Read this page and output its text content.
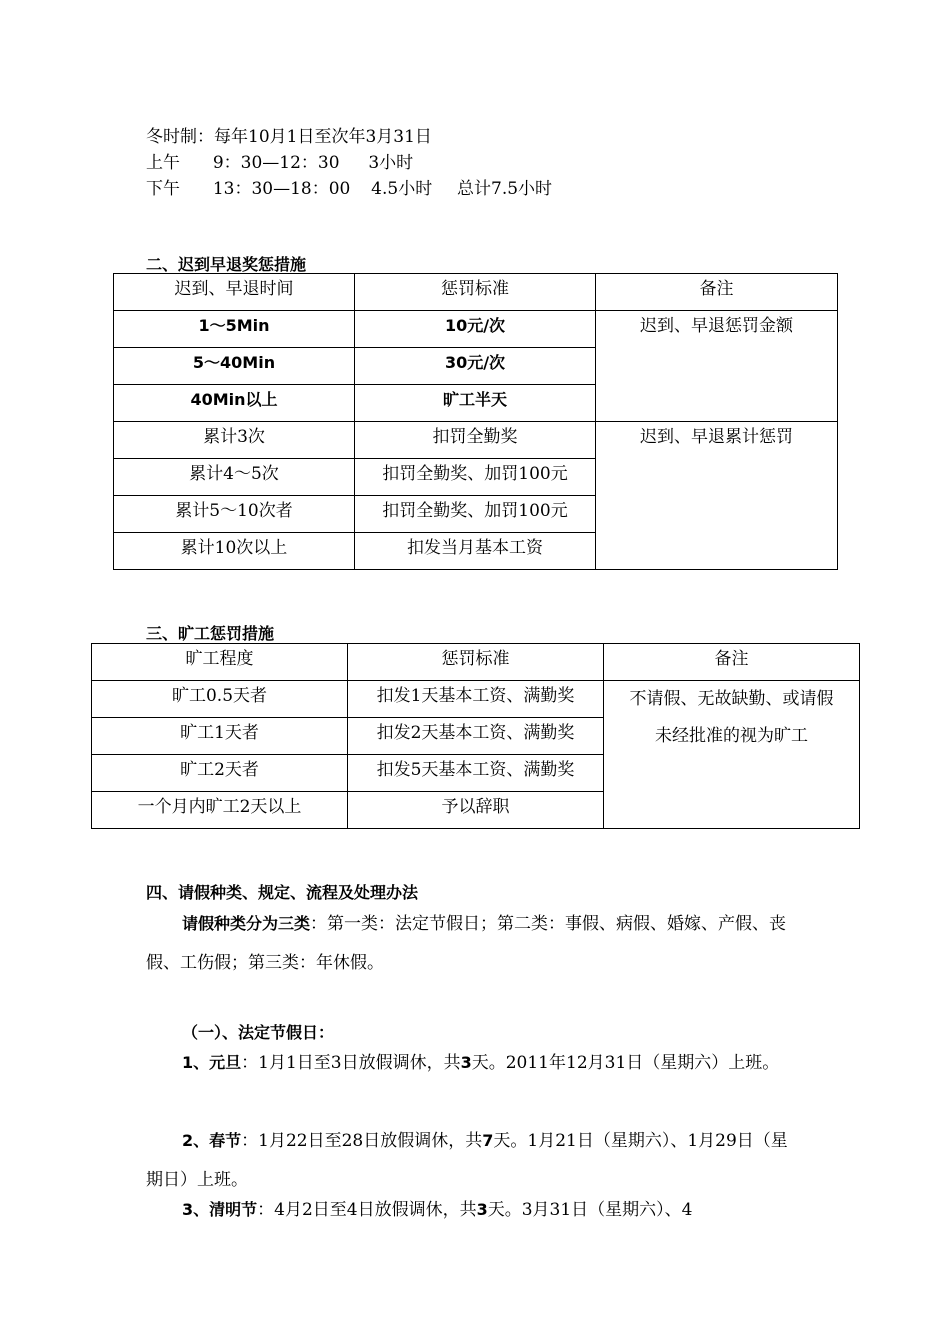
冬时制：每年10月1日至次年3月31日
上午 9：30—12：30 3小时
下午 13：30—18：00 4.5小时 总计7.5小时
二、迟到早退奖惩措施
迟到、早退时间	惩罚标准	备注
1～5Min	10元/次	迟到、早退惩罚金额
5～40Min	30元/次	
40Min以上	旷工半天	
累计3次	扣罚全勤奖	迟到、早退累计惩罚
累计4～5次	扣罚全勤奖、加罚100元	
累计5～10次者	扣罚全勤奖、加罚100元	
累计10次以上	扣发当月基本工资	
三、旷工惩罚措施
旷工程度	惩罚标准	备注
旷工0.5天者	扣发1天基本工资、满勤奖	不请假、无故缺勤、或请假
未经批准的视为旷工

旷工1天者	扣发2天基本工资、满勤奖	
旷工2天者	扣发5天基本工资、满勤奖	
一个月内旷工2天以上	予以辞职	
四、请假种类、规定、流程及处理办法
请假种类分为三类：第一类：法定节假日；第二类：事假、病假、婚嫁、产假、丧假、工伤假；第三类：年休假。
（一）、法定节假日：
1、元旦：1月1日至3日放假调休，共3天。2011年12月31日（星期六）上班。
2、春节：1月22日至28日放假调休，共7天。1月21日（星期六）、1月29日（星期日）上班。
3、清明节：4月2日至4日放假调休，共3天。3月31日（星期六）、4
